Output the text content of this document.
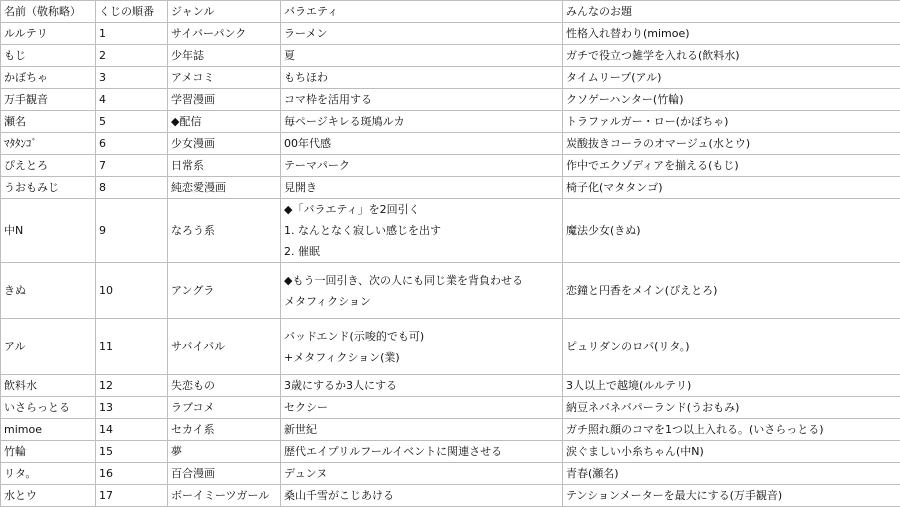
名前（敬称略）	くじの順番	ジャンル	バラエティ	みんなのお題
ルルテリ	1	サイバーパンク	ラーメン	性格入れ替わり(mimoe)
もじ	2	少年誌	夏	ガチで役立つ雑学を入れる(飲料水)
かぼちゃ	3	アメコミ	もちほわ	タイムリープ(アル)
万手観音	4	学習漫画	コマ枠を活用する	クソゲーハンター(竹輪)
瀬名	5	◆配信	毎ページキレる斑鳩ルカ	トラファルガー・ロー(かぼちゃ)
ﾏﾀﾀﾝｺﾞ	6	少女漫画	00年代感	炭酸抜きコーラのオマージュ(水とウ)
ぴえとろ	7	日常系	テーマパーク	作中でエクゾディアを揃える(もじ)
うおもみじ	8	純恋愛漫画	見開き	椅子化(マタタンゴ)
中N	9	なろう系	◆「バラエティ」を2回引く
1. なんとなく寂しい感じを出す
2. 催眠	魔法少女(きぬ)
きぬ	10	アングラ	◆もう一回引き、次の人にも同じ業を背負わせる
メタフィクション	恋鐘と円香をメイン(ぴえとろ)
アル	11	サバイバル	バッドエンド(示唆的でも可)
+メタフィクション(業)	ピュリダンのロバ(リタ。)
飲料水	12	失恋もの	3歳にするか3人にする	3人以上で越境(ルルテリ)
いさらっとる	13	ラブコメ	セクシー	納豆ネバネバパーランド(うおもみ)
mimoe	14	セカイ系	新世紀	ガチ照れ顔のコマを1つ以上入れる。(いさらっとる)
竹輪	15	夢	歴代エイプリルフールイベントに関連させる	涙ぐましい小糸ちゃん(中N)
リタ。	16	百合漫画	デュンヌ	青春(瀬名)
水とウ	17	ボーイミーツガール	桑山千雪がこじあける	テンションメーターを最大にする(万手観音)
